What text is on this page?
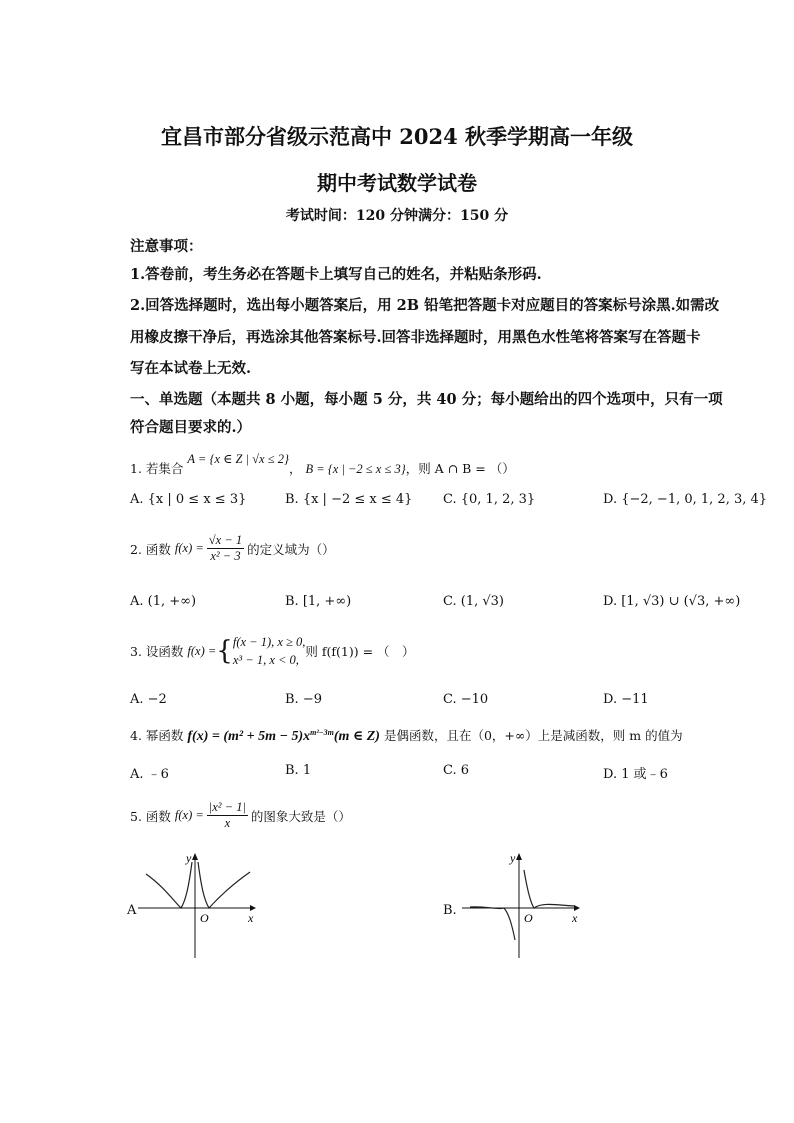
宜昌市部分省级示范高中 2024 秋季学期高一年级
期中考试数学试卷
考试时间：120 分钟满分：150 分
注意事项：
1.答卷前，考生务必在答题卡上填写自己的姓名，并粘贴条形码.
2.回答选择题时，选出每小题答案后，用 2B 铅笔把答题卡对应题目的答案标号涂黑.如需改
用橡皮擦干净后，再选涂其他答案标号.回答非选择题时，用黑色水性笔将答案写在答题卡
写在本试卷上无效.
一、单选题（本题共 8 小题，每小题 5 分，共 40 分；每小题给出的四个选项中，只有一项
符合题目要求的.）
1. 若集合 A = {x ∈ Z | √x ≤ 2}， B = {x | −2 ≤ x ≤ 3}，则 A ∩ B = （）
A. {x | 0 ≤ x ≤ 3}	B. {x | −2 ≤ x ≤ 4} C. {0, 1, 2, 3}	D. {−2, −1, 0, 1, 2, 3, 4}
2. 函数
$f(x) = \frac{√x - 1}{\text{x² − 3}}$ 的定义域为（）
A. (1, +∞)	B. [1, +∞)	C. (1, √3)	D. [1, √3) ∪ (√3, +∞)
3. 设函数
f(x) = { f(x − 1), x ≥ 0,
x³ − 1, x < 0,
则 f(f(1)) = （　）
A. −2	B. −9	C. −10	D. −11
4. 幂函数 $f(x) = (m^2 + 5m - 5)x^{m^2-3m}(m$ ∈ Z) 是偶函数，且在（0，+∞）上是减函数，则 m 的值为
A. ﹣6	B. 1	C. 6	D. 1 或﹣6
5. 函数
$f(x) = \frac{\text{|x² − 1|}}{x}$ 的图象大致是（）
A
y
x
O	B.
y
x
O
